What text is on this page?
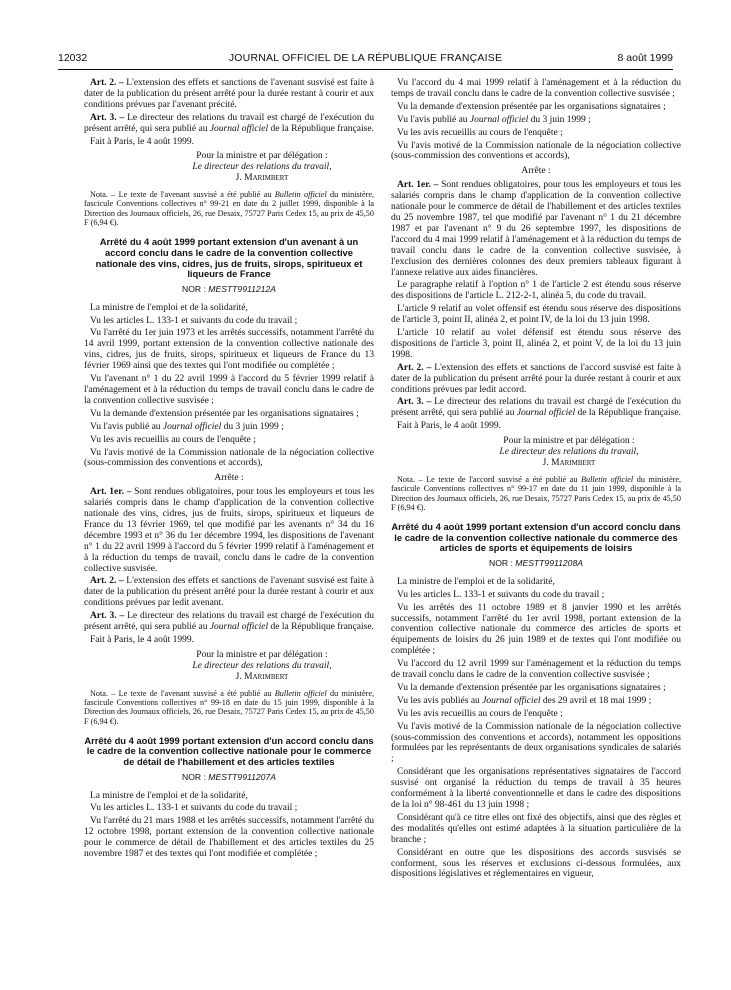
12032	JOURNAL OFFICIEL DE LA RÉPUBLIQUE FRANÇAISE	8 août 1999

Art. 2. – L'extension des effets et sanctions de l'avenant susvisé est faite à dater de la publication du présent arrêté pour la durée restant à courir et aux conditions prévues par l'avenant précité.

Art. 3. – Le directeur des relations du travail est chargé de l'exécution du présent arrêté, qui sera publié au Journal officiel de la République française.

Fait à Paris, le 4 août 1999.

Pour la ministre et par délégation :

Le directeur des relations du travail,

J. Marimbert

Nota. – Le texte de l'avenant susvisé a été publié au Bulletin officiel du ministère, fascicule Conventions collectives n° 99-21 en date du 2 juillet 1999, disponible à la Direction des Journaux officiels, 26, rue Desaix, 75727 Paris Cedex 15, au prix de 45,50 F (6,94 €).

Arrêté du 4 août 1999 portant extension d'un avenant à un accord conclu dans le cadre de la convention collective nationale des vins, cidres, jus de fruits, sirops, spiritueux et liqueurs de France
NOR : MESTT9911212A

La ministre de l'emploi et de la solidarité,

Vu les articles L. 133-1 et suivants du code du travail ;

Vu l'arrêté du 1er juin 1973 et les arrêtés successifs, notamment l'arrêté du 14 avril 1999, portant extension de la convention collective nationale des vins, cidres, jus de fruits, sirops, spiritueux et liqueurs de France du 13 février 1969 ainsi que des textes qui l'ont modifiée ou complétée ;

Vu l'avenant n° 1 du 22 avril 1999 à l'accord du 5 février 1999 relatif à l'aménagement et à la réduction du temps de travail conclu dans le cadre de la convention collective susvisée ;

Vu la demande d'extension présentée par les organisations signataires ;

Vu l'avis publié au Journal officiel du 3 juin 1999 ;

Vu les avis recueillis au cours de l'enquête ;

Vu l'avis motivé de la Commission nationale de la négociation collective (sous-commission des conventions et accords),

Arrête :

Art. 1er. – Sont rendues obligatoires, pour tous les employeurs et tous les salariés compris dans le champ d'application de la convention collective nationale des vins, cidres, jus de fruits, sirops, spiritueux et liqueurs de France du 13 février 1969, tel que modifié par les avenants n° 34 du 16 décembre 1993 et n° 36 du 1er décembre 1994, les dispositions de l'avenant n° 1 du 22 avril 1999 à l'accord du 5 février 1999 relatif à l'aménagement et à la réduction du temps de travail, conclu dans le cadre de la convention collective susvisée.

Art. 2. – L'extension des effets et sanctions de l'avenant susvisé est faite à dater de la publication du présent arrêté pour la durée restant à courir et aux conditions prévues par ledit avenant.

Art. 3. – Le directeur des relations du travail est chargé de l'exécution du présent arrêté, qui sera publié au Journal officiel de la République française.

Fait à Paris, le 4 août 1999.

Pour la ministre et par délégation :

Le directeur des relations du travail,

J. Marimbert

Nota. – Le texte de l'avenant susvisé a été publié au Bulletin officiel du ministère, fascicule Conventions collectives n° 99-18 en date du 15 juin 1999, disponible à la Direction des Journaux officiels, 26, rue Desaix, 75727 Paris Cedex 15, au prix de 45,50 F (6,94 €).

Arrêté du 4 août 1999 portant extension d'un accord conclu dans le cadre de la convention collective nationale pour le commerce de détail de l'habillement et des articles textiles
NOR : MESTT9911207A

La ministre de l'emploi et de la solidarité,

Vu les articles L. 133-1 et suivants du code du travail ;

Vu l'arrêté du 21 mars 1988 et les arrêtés successifs, notamment l'arrêté du 12 octobre 1998, portant extension de la convention collective nationale pour le commerce de détail de l'habillement et des articles textiles du 25 novembre 1987 et des textes qui l'ont modifiée et complétée ;

Vu l'accord du 4 mai 1999 relatif à l'aménagement et à la réduction du temps de travail conclu dans le cadre de la convention collective susvisée ;

Vu la demande d'extension présentée par les organisations signataires ;

Vu l'avis publié au Journal officiel du 3 juin 1999 ;

Vu les avis recueillis au cours de l'enquête ;

Vu l'avis motivé de la Commission nationale de la négociation collective (sous-commission des conventions et accords),

Arrête :

Art. 1er. – Sont rendues obligatoires, pour tous les employeurs et tous les salariés compris dans le champ d'application de la convention collective nationale pour le commerce de détail de l'habillement et des articles textiles du 25 novembre 1987, tel que modifié par l'avenant n° 1 du 21 décembre 1987 et par l'avenant n° 9 du 26 septembre 1997, les dispositions de l'accord du 4 mai 1999 relatif à l'aménagement et à la réduction du temps de travail conclu dans le cadre de la convention collective susvisée, à l'exclusion des dernières colonnes des deux premiers tableaux figurant à l'annexe relative aux aides financières.

Le paragraphe relatif à l'option n° 1 de l'article 2 est étendu sous réserve des dispositions de l'article L. 212-2-1, alinéa 5, du code du travail.

L'article 9 relatif au volet offensif est étendu sous réserve des dispositions de l'article 3, point II, alinéa 2, et point IV, de la loi du 13 juin 1998.

L'article 10 relatif au volet défensif est étendu sous réserve des dispositions de l'article 3, point II, alinéa 2, et point V, de la loi du 13 juin 1998.

Art. 2. – L'extension des effets et sanctions de l'accord susvisé est faite à dater de la publication du présent arrêté pour la durée restant à courir et aux conditions prévues par ledit accord.

Art. 3. – Le directeur des relations du travail est chargé de l'exécution du présent arrêté, qui sera publié au Journal officiel de la République française.

Fait à Paris, le 4 août 1999.

Pour la ministre et par délégation :

Le directeur des relations du travail,

J. Marimbert

Nota. – Le texte de l'accord susvisé a été publié au Bulletin officiel du ministère, fascicule Conventions collectives n° 99-17 en date du 11 juin 1999, disponible à la Direction des Journaux officiels, 26, rue Desaix, 75727 Paris Cedex 15, au prix de 45,50 F (6,94 €).

Arrêté du 4 août 1999 portant extension d'un accord conclu dans le cadre de la convention collective nationale du commerce des articles de sports et équipements de loisirs
NOR : MESTT9911208A

La ministre de l'emploi et de la solidarité,

Vu les articles L. 133-1 et suivants du code du travail ;

Vu les arrêtés des 11 octobre 1989 et 8 janvier 1990 et les arrêtés successifs, notamment l'arrêté du 1er avril 1998, portant extension de la convention collective nationale du commerce des articles de sports et équipements de loisirs du 26 juin 1989 et de textes qui l'ont modifiée ou complétée ;

Vu l'accord du 12 avril 1999 sur l'aménagement et la réduction du temps de travail conclu dans le cadre de la convention collective susvisée ;

Vu la demande d'extension présentée par les organisations signataires ;

Vu les avis publiés au Journal officiel des 29 avril et 18 mai 1999 ;

Vu les avis recueillis au cours de l'enquête ;

Vu l'avis motivé de la Commission nationale de la négociation collective (sous-commission des conventions et accords), notamment les oppositions formulées par les représentants de deux organisations syndicales de salariés ;

Considérant que les organisations représentatives signataires de l'accord susvisé ont organisé la réduction du temps de travail à 35 heures conformément à la liberté conventionnelle et dans le cadre des dispositions de la loi n° 98-461 du 13 juin 1998 ;

Considérant qu'à ce titre elles ont fixé des objectifs, ainsi que des règles et des modalités qu'elles ont estimé adaptées à la situation particulière de la branche ;

Considérant en outre que les dispositions des accords susvisés se conforment, sous les réserves et exclusions ci-dessous formulées, aux dispositions législatives et réglementaires en vigueur,
